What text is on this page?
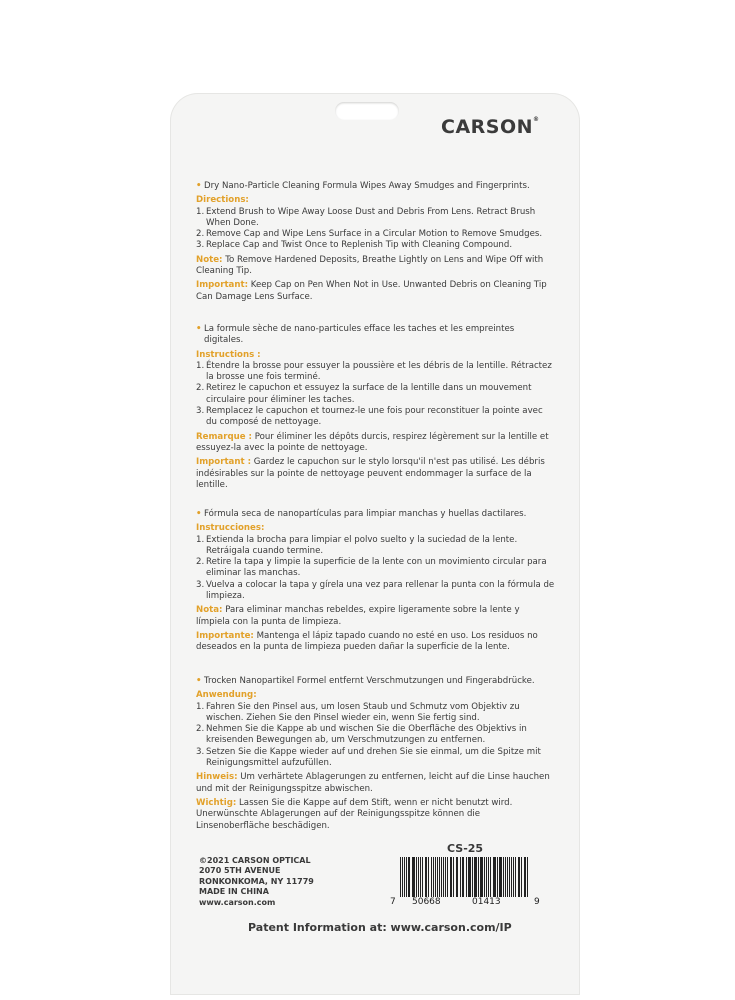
CARSON®

• Dry Nano-Particle Cleaning Formula Wipes Away Smudges and Fingerprints.

Directions:

1. Extend Brush to Wipe Away Loose Dust and Debris From Lens. Retract Brush When Done.
2. Remove Cap and Wipe Lens Surface in a Circular Motion to Remove Smudges.
3. Replace Cap and Twist Once to Replenish Tip with Cleaning Compound.

Note: To Remove Hardened Deposits, Breathe Lightly on Lens and Wipe Off with Cleaning Tip.

Important: Keep Cap on Pen When Not in Use. Unwanted Debris on Cleaning Tip Can Damage Lens Surface.

• La formule sèche de nano-particules efface les taches et les empreintes digitales.

Instructions :

1. Étendre la brosse pour essuyer la poussière et les débris de la lentille. Rétractez la brosse une fois terminé.
2. Retirez le capuchon et essuyez la surface de la lentille dans un mouvement circulaire pour éliminer les taches.
3. Remplacez le capuchon et tournez-le une fois pour reconstituer la pointe avec du composé de nettoyage.

Remarque : Pour éliminer les dépôts durcis, respirez légèrement sur la lentille et essuyez-la avec la pointe de nettoyage.

Important : Gardez le capuchon sur le stylo lorsqu'il n'est pas utilisé. Les débris indésirables sur la pointe de nettoyage peuvent endommager la surface de la lentille.

• Fórmula seca de nanopartículas para limpiar manchas y huellas dactilares.

Instrucciones:

1. Extienda la brocha para limpiar el polvo suelto y la suciedad de la lente. Retráigala cuando termine.
2. Retire la tapa y limpie la superficie de la lente con un movimiento circular para eliminar las manchas.
3. Vuelva a colocar la tapa y gírela una vez para rellenar la punta con la fórmula de limpieza.

Nota: Para eliminar manchas rebeldes, expire ligeramente sobre la lente y límpiela con la punta de limpieza.

Importante: Mantenga el lápiz tapado cuando no esté en uso. Los residuos no deseados en la punta de limpieza pueden dañar la superficie de la lente.

• Trocken Nanopartikel Formel entfernt Verschmutzungen und Fingerabdrücke.

Anwendung:

1. Fahren Sie den Pinsel aus, um losen Staub und Schmutz vom Objektiv zu wischen. Ziehen Sie den Pinsel wieder ein, wenn Sie fertig sind.
2. Nehmen Sie die Kappe ab und wischen Sie die Oberfläche des Objektivs in kreisenden Bewegungen ab, um Verschmutzungen zu entfernen.
3. Setzen Sie die Kappe wieder auf und drehen Sie sie einmal, um die Spitze mit Reinigungsmittel aufzufüllen.

Hinweis: Um verhärtete Ablagerungen zu entfernen, leicht auf die Linse hauchen und mit der Reinigungsspitze abwischen.

Wichtig: Lassen Sie die Kappe auf dem Stift, wenn er nicht benutzt wird. Unerwünschte Ablagerungen auf der Reinigungsspitze können die Linsenoberfläche beschädigen.

CS-25
©2021 CARSON OPTICAL
2070 5TH AVENUE
RONKONKOMA, NY 11779
MADE IN CHINA
www.carson.com	7 50668	01413	9
Patent Information at: www.carson.com/IP
